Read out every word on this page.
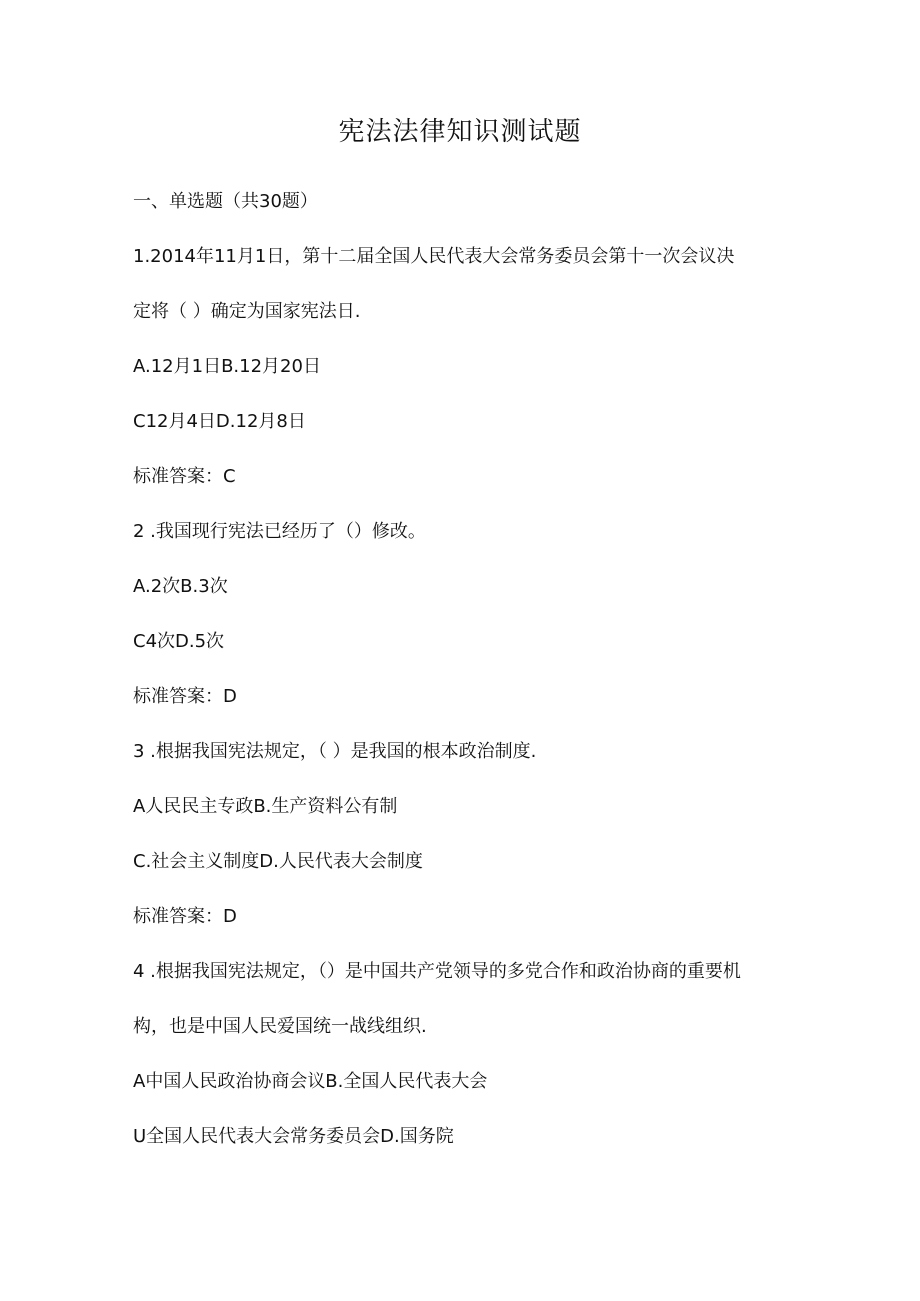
宪法法律知识测试题
一、单选题（共30题）
1.2014年11月1日，第十二届全国人民代表大会常务委员会第十一次会议决
定将（ ）确定为国家宪法日.
A.12月1日B.12月20日
C12月4日D.12月8日
标准答案：C
2 .我国现行宪法已经历了（）修改。
A.2次B.3次
C4次D.5次
标准答案：D
3 .根据我国宪法规定，（ ）是我国的根本政治制度.
A人民民主专政B.生产资料公有制
C.社会主义制度D.人民代表大会制度
标准答案：D
4 .根据我国宪法规定，（）是中国共产党领导的多党合作和政治协商的重要机
构，也是中国人民爱国统一战线组织.
A中国人民政治协商会议B.全国人民代表大会
U全国人民代表大会常务委员会D.国务院
